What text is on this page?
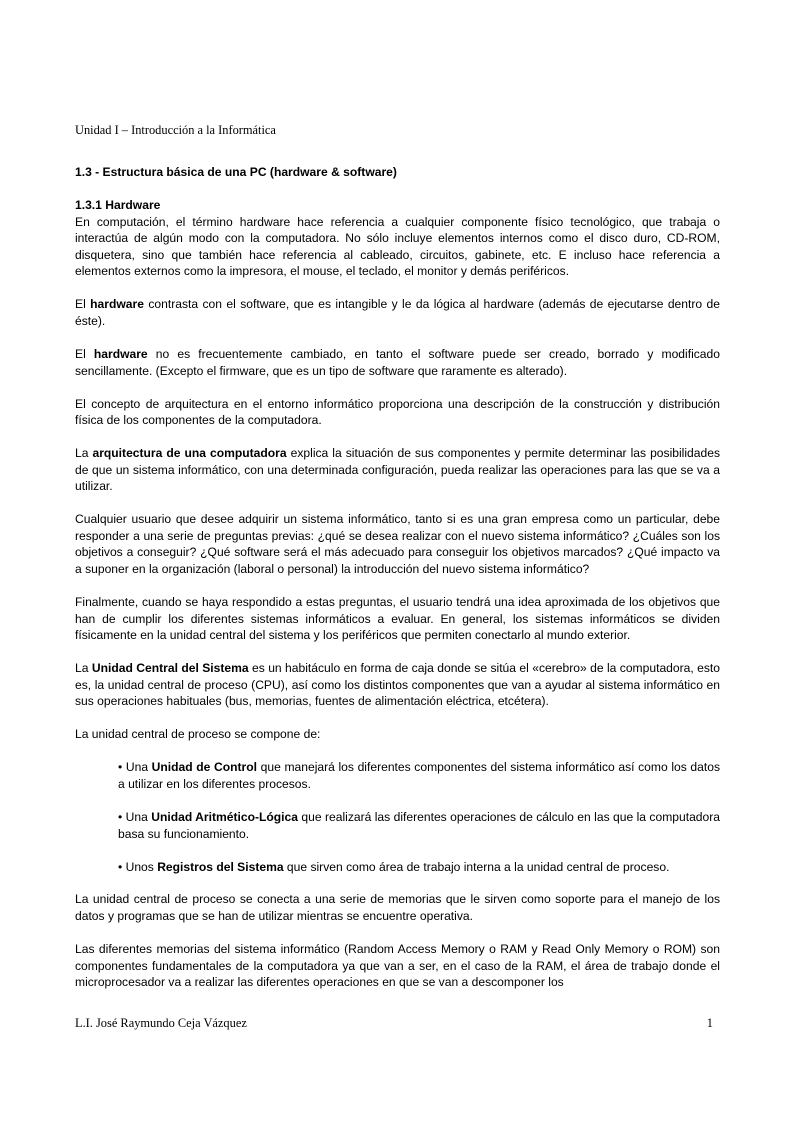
Unidad I – Introducción a la Informática
1.3 - Estructura básica de una PC (hardware & software)
1.3.1 Hardware

En computación, el término hardware hace referencia a cualquier componente físico tecnológico, que trabaja o interactúa de algún modo con la computadora. No sólo incluye elementos internos como el disco duro, CD-ROM, disquetera, sino que también hace referencia al cableado, circuitos, gabinete, etc. E incluso hace referencia a elementos externos como la impresora, el mouse, el teclado, el monitor y demás periféricos.

El hardware contrasta con el software, que es intangible y le da lógica al hardware (además de ejecutarse dentro de éste).

El hardware no es frecuentemente cambiado, en tanto el software puede ser creado, borrado y modificado sencillamente. (Excepto el firmware, que es un tipo de software que raramente es alterado).

El concepto de arquitectura en el entorno informático proporciona una descripción de la construcción y distribución física de los componentes de la computadora.

La arquitectura de una computadora explica la situación de sus componentes y permite determinar las posibilidades de que un sistema informático, con una determinada configuración, pueda realizar las operaciones para las que se va a utilizar.

Cualquier usuario que desee adquirir un sistema informático, tanto si es una gran empresa como un particular, debe responder a una serie de preguntas previas: ¿qué se desea realizar con el nuevo sistema informático? ¿Cuáles son los objetivos a conseguir? ¿Qué software será el más adecuado para conseguir los objetivos marcados? ¿Qué impacto va a suponer en la organización (laboral o personal) la introducción del nuevo sistema informático?

Finalmente, cuando se haya respondido a estas preguntas, el usuario tendrá una idea aproximada de los objetivos que han de cumplir los diferentes sistemas informáticos a evaluar. En general, los sistemas informáticos se dividen físicamente en la unidad central del sistema y los periféricos que permiten conectarlo al mundo exterior.

La Unidad Central del Sistema es un habitáculo en forma de caja donde se sitúa el «cerebro» de la computadora, esto es, la unidad central de proceso (CPU), así como los distintos componentes que van a ayudar al sistema informático en sus operaciones habituales (bus, memorias, fuentes de alimentación eléctrica, etcétera).

La unidad central de proceso se compone de:

• Una Unidad de Control que manejará los diferentes componentes del sistema informático así como los datos a utilizar en los diferentes procesos.

• Una Unidad Aritmético-Lógica que realizará las diferentes operaciones de cálculo en las que la computadora basa su funcionamiento.

• Unos Registros del Sistema que sirven como área de trabajo interna a la unidad central de proceso.

La unidad central de proceso se conecta a una serie de memorias que le sirven como soporte para el manejo de los datos y programas que se han de utilizar mientras se encuentre operativa.

Las diferentes memorias del sistema informático (Random Access Memory o RAM y Read Only Memory o ROM) son componentes fundamentales de la computadora ya que van a ser, en el caso de la RAM, el área de trabajo donde el microprocesador va a realizar las diferentes operaciones en que se van a descomponer los

L.I. José Raymundo Ceja Vázquez	1
